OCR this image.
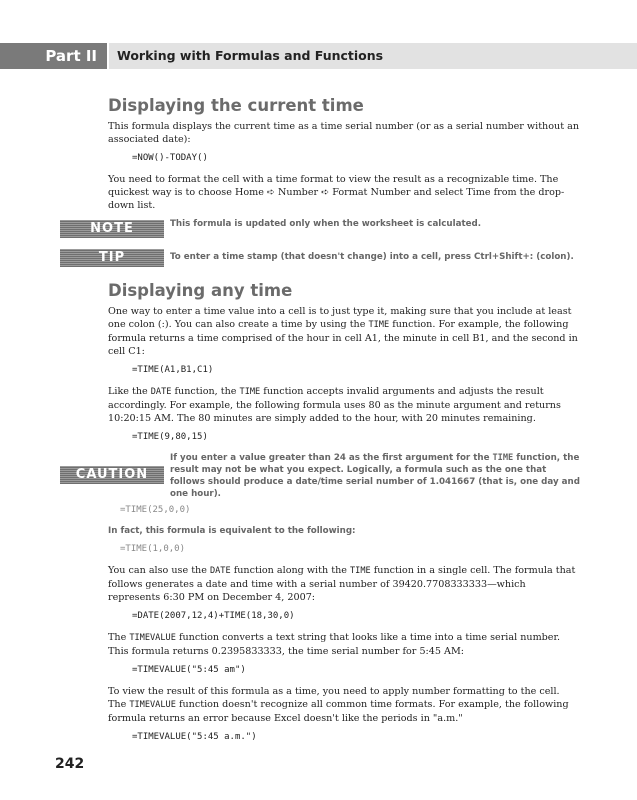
Part II	Working with Formulas and Functions
Displaying the current time

This formula displays the current time as a time serial number (or as a serial number without an associated date):

=NOW()-TODAY()

You need to format the cell with a time format to view the result as a recognizable time. The quickest way is to choose Home ➪ Number ➪ Format Number and select Time from the drop-down list.

NOTE	This formula is updated only when the worksheet is calculated.
TIP	To enter a time stamp (that doesn't change) into a cell, press Ctrl+Shift+: (colon).
Displaying any time

One way to enter a time value into a cell is to just type it, making sure that you include at least one colon (:). You can also create a time by using the TIME function. For example, the following formula returns a time comprised of the hour in cell A1, the minute in cell B1, and the second in cell C1:

=TIME(A1,B1,C1)

Like the DATE function, the TIME function accepts invalid arguments and adjusts the result accordingly. For example, the following formula uses 80 as the minute argument and returns 10:20:15 AM. The 80 minutes are simply added to the hour, with 20 minutes remaining.

=TIME(9,80,15)
CAUTION
If you enter a value greater than 24 as the first argument for the TIME function, the result may not be what you expect. Logically, a formula such as the one that follows should produce a date/time serial number of 1.041667 (that is, one day and one hour).
=TIME(25,0,0)
In fact, this formula is equivalent to the following:
=TIME(1,0,0)

You can also use the DATE function along with the TIME function in a single cell. The formula that follows generates a date and time with a serial number of 39420.7708333333—which represents 6:30 PM on December 4, 2007:

=DATE(2007,12,4)+TIME(18,30,0)

The TIMEVALUE function converts a text string that looks like a time into a time serial number. This formula returns 0.2395833333, the time serial number for 5:45 AM:

=TIMEVALUE("5:45 am")

To view the result of this formula as a time, you need to apply number formatting to the cell. The TIMEVALUE function doesn't recognize all common time formats. For example, the following formula returns an error because Excel doesn't like the periods in "a.m."

=TIMEVALUE("5:45 a.m.")
242
